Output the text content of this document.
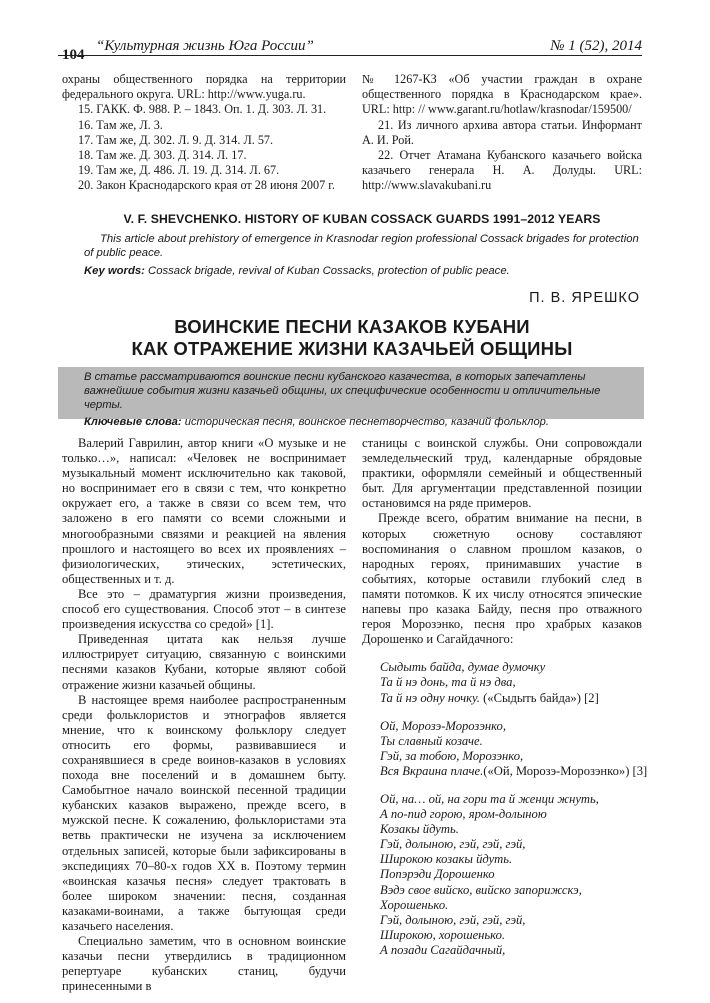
104
“Культурная жизнь Юга России”	№ 1 (52), 2014

охраны общественного порядка на территории федерального округа. URL: http://www.yuga.ru.

15. ГАКК. Ф. 988. Р. – 1843. Оп. 1. Д. 303. Л. 31.

16. Там же, Л. 3.

17. Там же, Д. 302. Л. 9. Д. 314. Л. 57.

18. Там же. Д. 303. Д. 314. Л. 17.

19. Там же, Д. 486. Л. 19. Д. 314. Л. 67.

20. Закон Краснодарского края от 28 июня 2007 г.

№ 1267-КЗ «Об участии граждан в охране общественного порядка в Краснодарском крае». URL: http: // www.garant.ru/hotlaw/krasnodar/159500/

21. Из личного архива автора статьи. Информант А. И. Рой.

22. Отчет Атамана Кубанского казачьего войска казачьего генерала Н. А. Долуды. URL: http://www.slavakubani.ru

V. F. SHEVCHENKO. HISTORY OF KUBAN COSSACK GUARDS 1991–2012 YEARS

This article about prehistory of emergence in Krasnodar region professional Cossack brigades for protection of public peace.

Key words: Cossack brigade, revival of Kuban Cossacks, protection of public peace.

П. В. ЯРЕШКО
ВОИНСКИЕ ПЕСНИ КАЗАКОВ КУБАНИ
КАК ОТРАЖЕНИЕ ЖИЗНИ КАЗАЧЬЕЙ ОБЩИНЫ

В статье рассматриваются воинские песни кубанского казачества, в которых запечатлены важнейшие события жизни казачьей общины, их специфические особенности и отличительные черты.

Ключевые слова: историческая песня, воинское песнетворчество, казачий фольклор.

Валерий Гаврилин, автор книги «О музыке и не только…», написал: «Человек не воспринимает музыкальный момент исключительно как таковой, но воспринимает его в связи с тем, что конкретно окружает его, а также в связи со всем тем, что заложено в его памяти со всеми сложными и многообразными связями и реакцией на явления прошлого и настоящего во всех их проявлениях – физиологических, этических, эстетических, общественных и т. д.

Все это – драматургия жизни произведения, способ его существования. Способ этот – в синтезе произведения искусства со средой» [1].

Приведенная цитата как нельзя лучше иллюстрирует ситуацию, связанную с воинскими песнями казаков Кубани, которые являют собой отражение жизни казачьей общины.

В настоящее время наиболее распространенным среди фольклористов и этнографов является мнение, что к воинскому фольклору следует относить его формы, развивавшиеся и сохранявшиеся в среде воинов-казаков в условиях похода вне поселений и в домашнем быту. Самобытное начало воинской песенной традиции кубанских казаков выражено, прежде всего, в мужской песне. К сожалению, фольклористами эта ветвь практически не изучена за исключением отдельных записей, которые были зафиксированы в экспедициях 70–80-х годов ХХ в. Поэтому термин «воинская казачья песня» следует трактовать в более широком значении: песня, созданная казаками-воинами, а также бытующая среди казачьего населения.

Специально заметим, что в основном воинские казачьи песни утвердились в традиционном репертуаре кубанских станиц, будучи принесенными в

станицы с воинской службы. Они сопровождали земледельческий труд, календарные обрядовые практики, оформляли семейный и общественный быт. Для аргументации представленной позиции остановимся на ряде примеров.

Прежде всего, обратим внимание на песни, в которых сюжетную основу составляют воспоминания о славном прошлом казаков, о народных героях, принимавших участие в событиях, которые оставили глубокий след в памяти потомков. К их числу относятся эпические напевы про казака Байду, песня про отважного героя Морозэнко, песня про храбрых казаков Дорошенко и Сагайдачного:

Сыдыть байда, думае думочку
Та й нэ донь, та й нэ два,
Та й нэ одну ночку. («Сыдыть байда») [2]
Ой, Морозэ-Морозэнко,
Ты славный козаче.
Гэй, за тобою, Морозэнко,
Вся Вкраина плаче.(«Ой, Морозэ-Морозэнко») [3]
Ой, на… ой, на гори та й женци жнуть,
А по-пид горою, яром-долыною
Козакы йдуть.
Гэй, долыною, гэй, гэй, гэй,
Широкою козакы йдуть.
Попэрэди Дорошенко
Вэдэ свое вийско, вийско запорижскэ,
Хорошенько.
Гэй, долыною, гэй, гэй, гэй,
Широкою, хорошенько.
А позади Сагайдачный,
